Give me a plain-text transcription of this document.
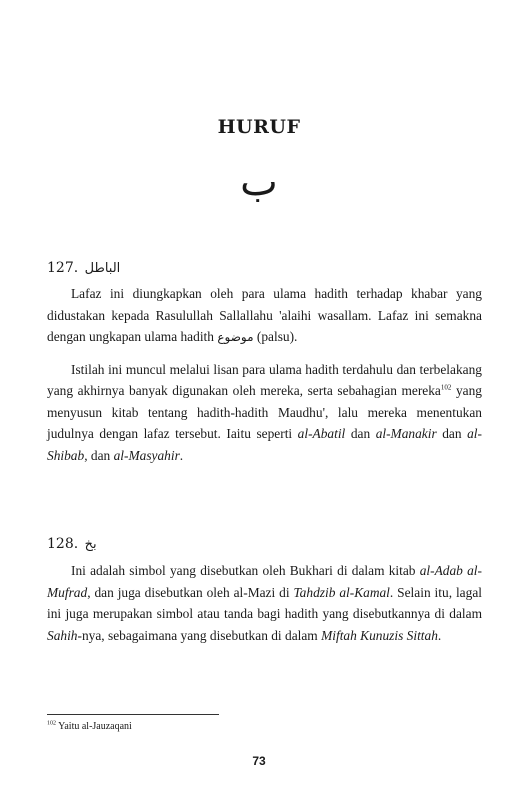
HURUF
ب
127. الباطل

Lafaz ini diungkapkan oleh para ulama hadith terhadap khabar yang didustakan kepada Rasulullah Sallallahu 'alaihi wasallam. Lafaz ini semakna dengan ungkapan ulama hadith موضوع (palsu).

Istilah ini muncul melalui lisan para ulama hadith terdahulu dan terbelakang yang akhirnya banyak digunakan oleh mereka, serta sebahagian mereka$^{102}$ yang menyusun kitab tentang hadith-hadith Maudhu', lalu mereka menentukan judulnya dengan lafaz tersebut. Iaitu seperti al-Abatil dan al-Manakir dan al-Shibab, dan al-Masyahir.

128. بخ

Ini adalah simbol yang disebutkan oleh Bukhari di dalam kitab al-Adab al-Mufrad, dan juga disebutkan oleh al-Mazi di Tahdzib al-Kamal. Selain itu, lagal ini juga merupakan simbol atau tanda bagi hadith yang disebutkannya di dalam Sahih-nya, sebagaimana yang disebutkan di dalam Miftah Kunuzis Sittah.

$^{102}$ Yaitu al-Jauzaqani
73
